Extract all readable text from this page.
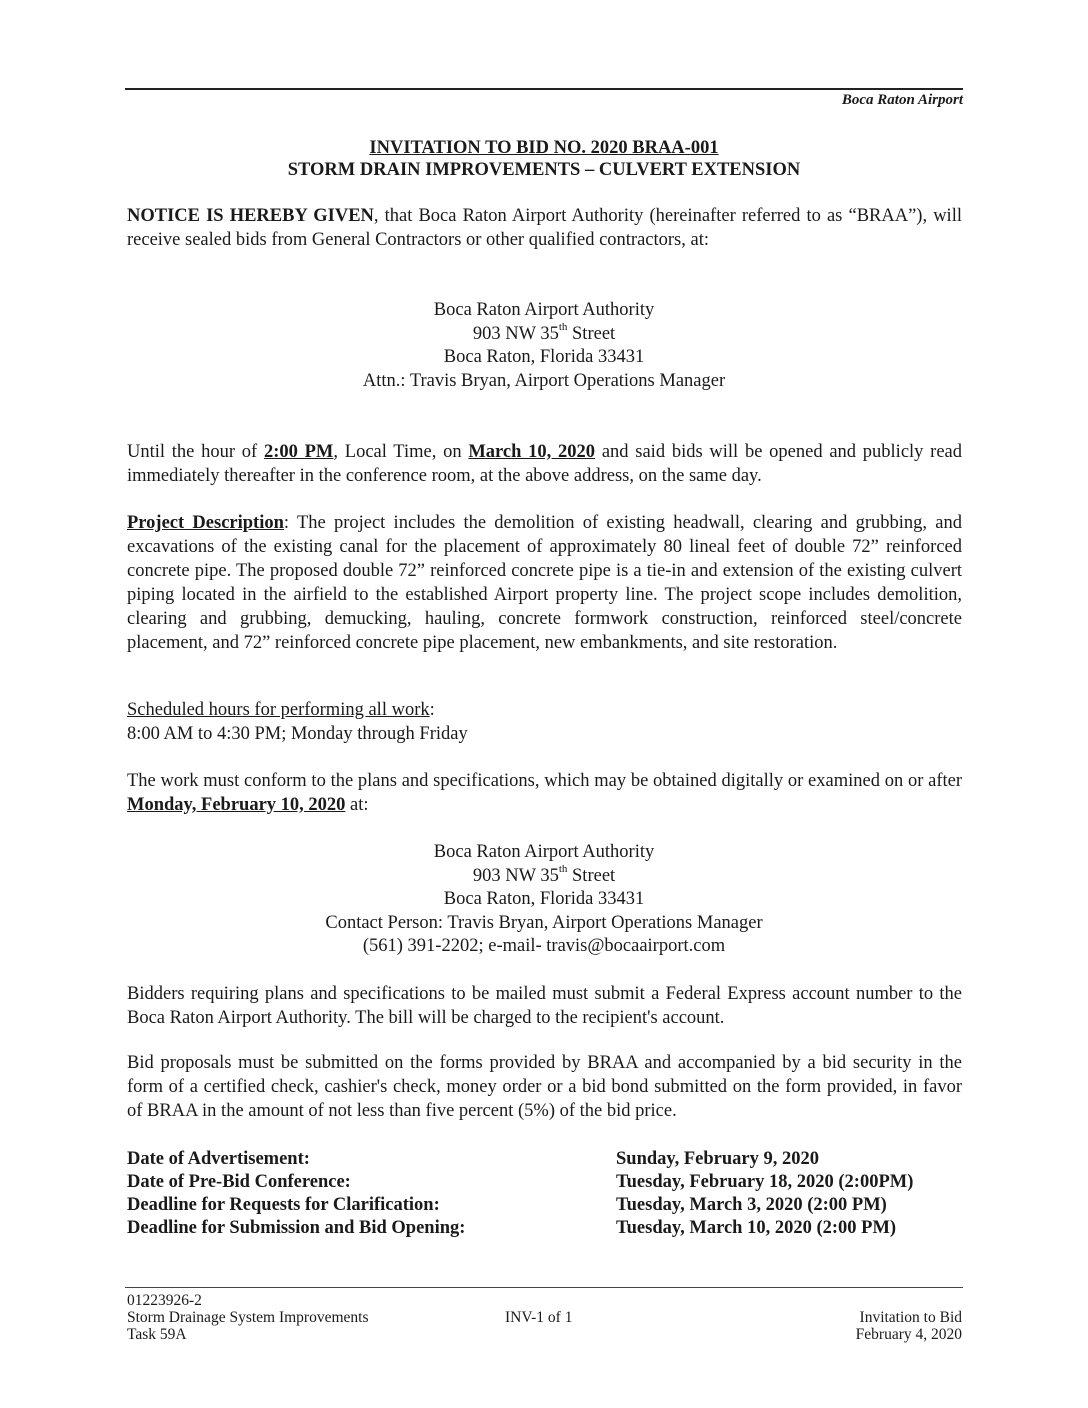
Boca Raton Airport
INVITATION TO BID NO. 2020 BRAA-001
STORM DRAIN IMPROVEMENTS – CULVERT EXTENSION
NOTICE IS HEREBY GIVEN, that Boca Raton Airport Authority (hereinafter referred to as “BRAA”), will receive sealed bids from General Contractors or other qualified contractors, at:
Boca Raton Airport Authority
903 NW 35th Street
Boca Raton, Florida 33431
Attn.: Travis Bryan, Airport Operations Manager
Until the hour of 2:00 PM, Local Time, on March 10, 2020 and said bids will be opened and publicly read immediately thereafter in the conference room, at the above address, on the same day.
Project Description: The project includes the demolition of existing headwall, clearing and grubbing, and excavations of the existing canal for the placement of approximately 80 lineal feet of double 72” reinforced concrete pipe. The proposed double 72” reinforced concrete pipe is a tie-in and extension of the existing culvert piping located in the airfield to the established Airport property line. The project scope includes demolition, clearing and grubbing, demucking, hauling, concrete formwork construction, reinforced steel/concrete placement, and 72” reinforced concrete pipe placement, new embankments, and site restoration.
Scheduled hours for performing all work:
8:00 AM to 4:30 PM; Monday through Friday
The work must conform to the plans and specifications, which may be obtained digitally or examined on or after Monday, February 10, 2020 at:
Boca Raton Airport Authority
903 NW 35th Street
Boca Raton, Florida 33431
Contact Person: Travis Bryan, Airport Operations Manager
(561) 391-2202; e-mail- travis@bocaairport.com
Bidders requiring plans and specifications to be mailed must submit a Federal Express account number to the Boca Raton Airport Authority. The bill will be charged to the recipient's account.
Bid proposals must be submitted on the forms provided by BRAA and accompanied by a bid security in the form of a certified check, cashier's check, money order or a bid bond submitted on the form provided, in favor of BRAA in the amount of not less than five percent (5%) of the bid price.
Date of Advertisement:	Sunday, February 9, 2020
Date of Pre-Bid Conference:	Tuesday, February 18, 2020 (2:00PM)
Deadline for Requests for Clarification:	Tuesday, March 3, 2020 (2:00 PM)
Deadline for Submission and Bid Opening:	Tuesday, March 10, 2020 (2:00 PM)
01223926-2
Storm Drainage System Improvements
Task 59A
INV-1 of 1	Invitation to Bid
February 4, 2020
